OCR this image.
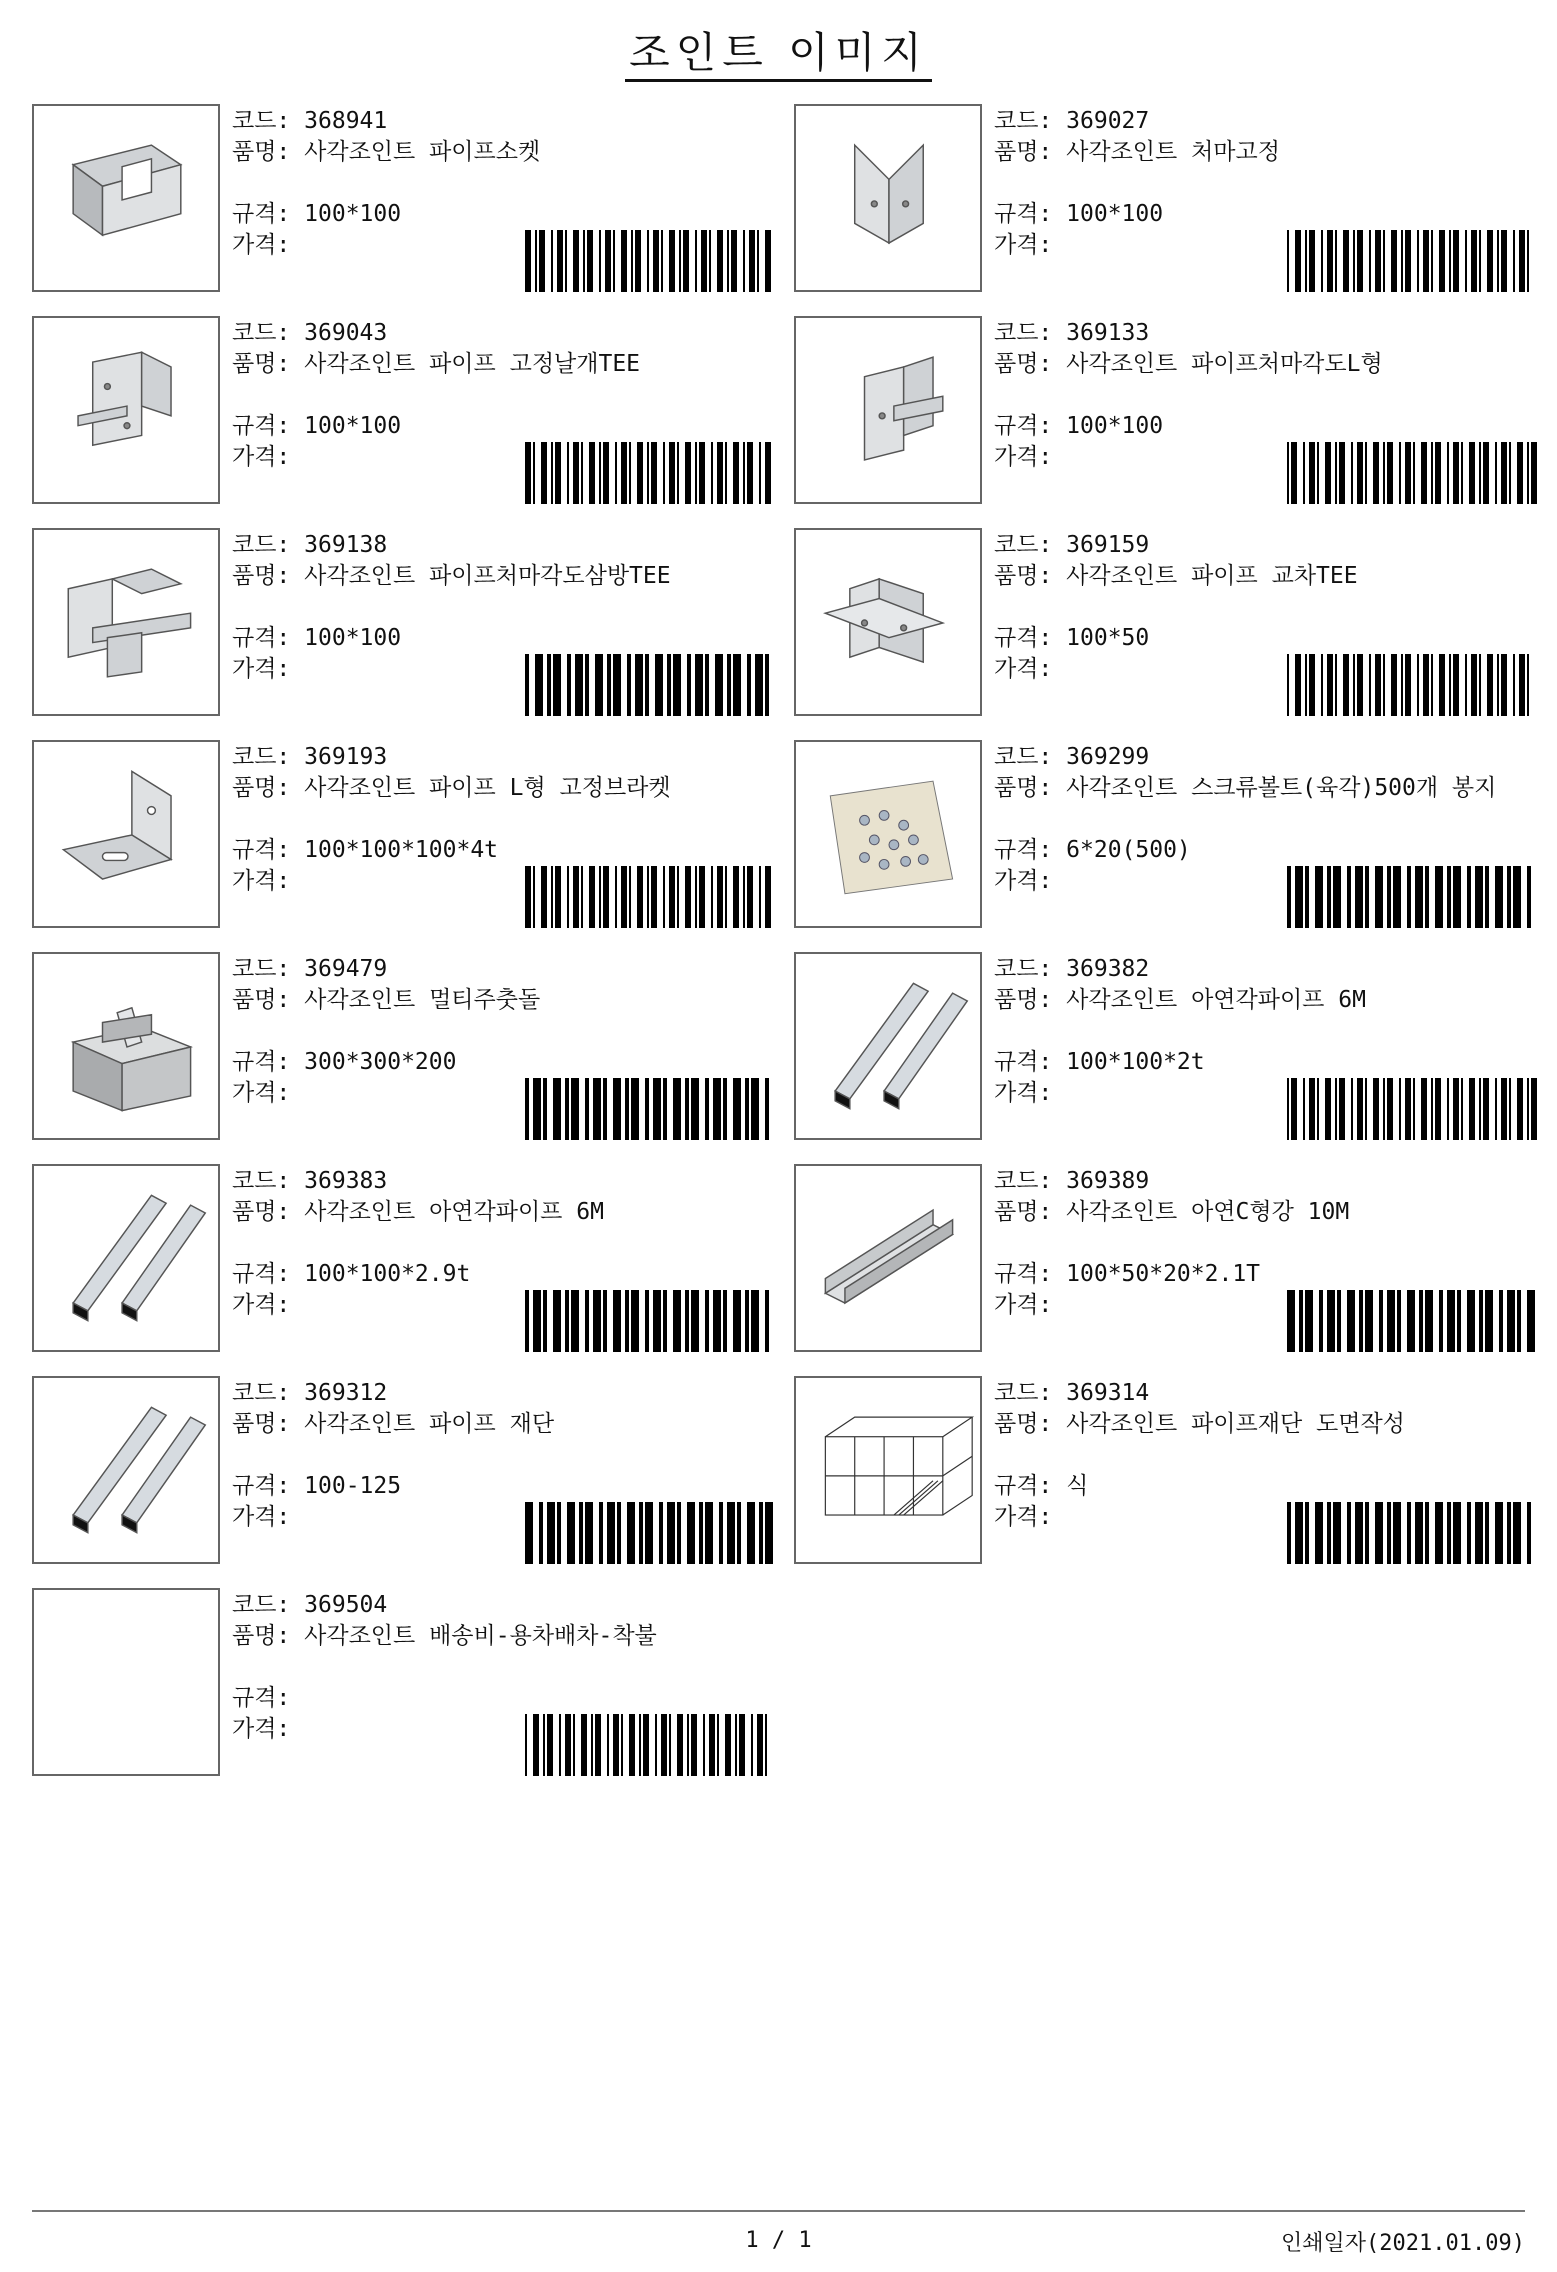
조인트 이미지
코드: 368941
품명: 사각조인트 파이프소켓
규격: 100*100
가격:
코드: 369027
품명: 사각조인트 처마고정
규격: 100*100
가격:
코드: 369043
품명: 사각조인트 파이프 고정날개TEE
규격: 100*100
가격:
코드: 369133
품명: 사각조인트 파이프처마각도L형
규격: 100*100
가격:
코드: 369138
품명: 사각조인트 파이프처마각도삼방TEE
규격: 100*100
가격:
코드: 369159
품명: 사각조인트 파이프 교차TEE
규격: 100*50
가격:
코드: 369193
품명: 사각조인트 파이프 L형 고정브라켓
규격: 100*100*100*4t
가격:
코드: 369299
품명: 사각조인트 스크류볼트(육각)500개 봉지
규격: 6*20(500)
가격:
코드: 369479
품명: 사각조인트 멀티주춧돌
규격: 300*300*200
가격:
코드: 369382
품명: 사각조인트 아연각파이프 6M
규격: 100*100*2t
가격:
코드: 369383
품명: 사각조인트 아연각파이프 6M
규격: 100*100*2.9t
가격:
코드: 369389
품명: 사각조인트 아연C형강 10M
규격: 100*50*20*2.1T
가격:
코드: 369312
품명: 사각조인트 파이프 재단
규격: 100-125
가격:
코드: 369314
품명: 사각조인트 파이프재단 도면작성
규격: 식
가격:
코드: 369504
품명: 사각조인트 배송비-용차배차-착불
규격:
가격:
1 / 1	인쇄일자(2021.01.09)
